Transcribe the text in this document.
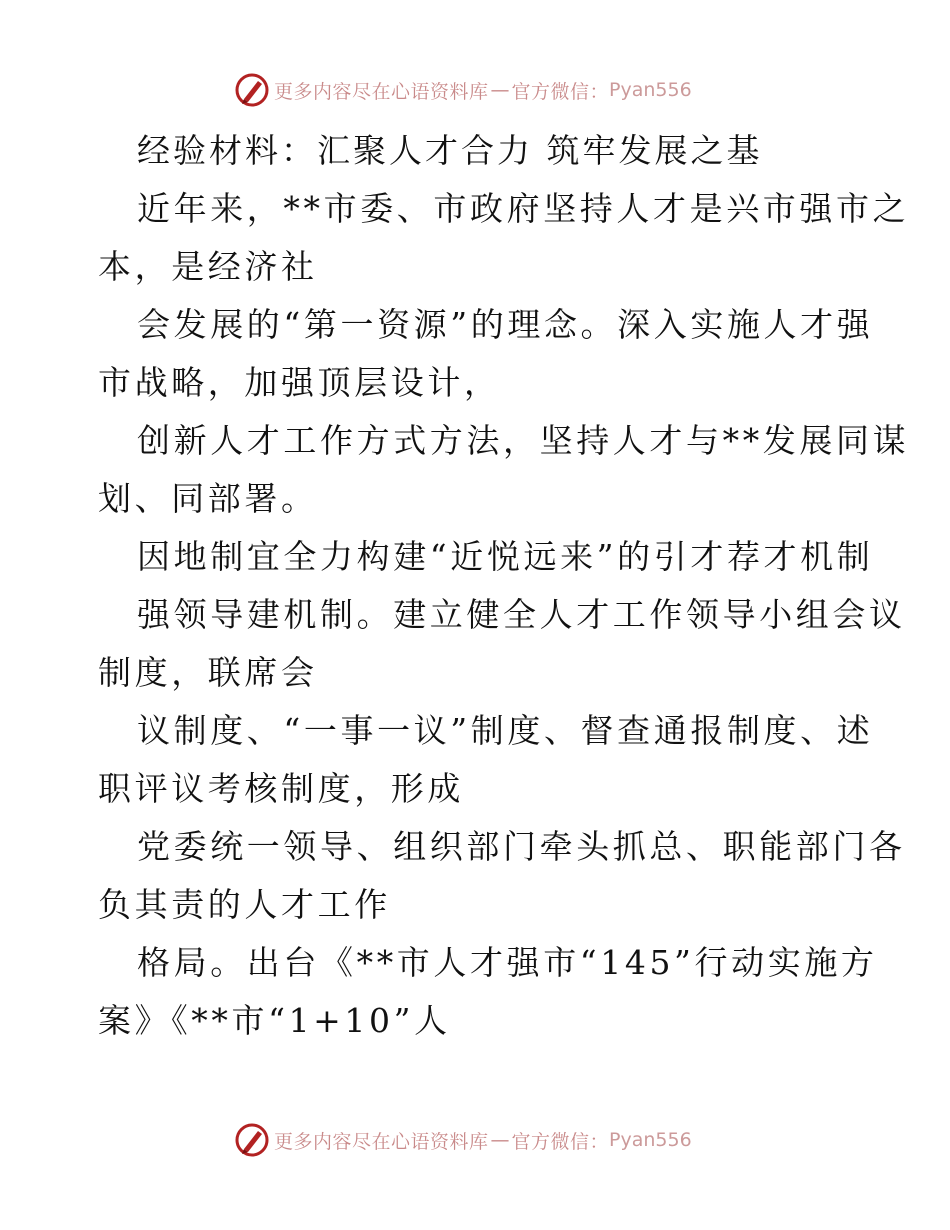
更多内容尽在心语资料库 — 官方微信： Pyan556
经验材料：汇聚人才合力 筑牢发展之基
近年来，**市委、市政府坚持人才是兴市强市之
本，是经济社
会发展的“第一资源”的理念。深入实施人才强
市战略，加强顶层设计，
创新人才工作方式方法，坚持人才与**发展同谋
划、同部署。
因地制宜全力构建“近悦远来”的引才荐才机制
强领导建机制。建立健全人才工作领导小组会议
制度，联席会
议制度、“一事一议”制度、督查通报制度、述
职评议考核制度，形成
党委统一领导、组织部门牵头抓总、职能部门各
负其责的人才工作
格局。出台《**市人才强市“145”行动实施方
案》《**市“1+10”人
更多内容尽在心语资料库 — 官方微信： Pyan556
